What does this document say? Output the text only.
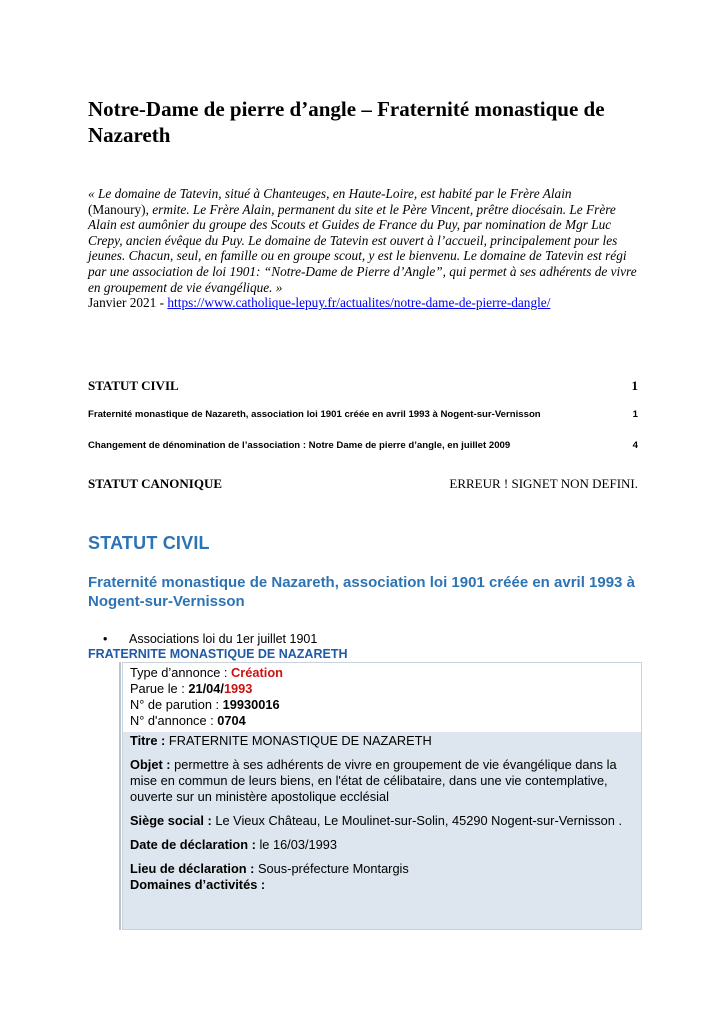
Notre-Dame de pierre d’angle – Fraternité monastique de Nazareth

« Le domaine de Tatevin, situé à Chanteuges, en Haute-Loire, est habité par le Frère Alain
(Manoury), ermite. Le Frère Alain, permanent du site et le Père Vincent, prêtre diocésain. Le Frère Alain est aumônier du groupe des Scouts et Guides de France du Puy, par nomination de Mgr Luc Crepy, ancien évêque du Puy. Le domaine de Tatevin est ouvert à l’accueil, principalement pour les jeunes. Chacun, seul, en famille ou en groupe scout, y est le bienvenu. Le domaine de Tatevin est régi par une association de loi 1901: “Notre-Dame de Pierre d’Angle”, qui permet à ses adhérents de vivre en groupement de vie évangélique. »
Janvier 2021 - https://www.catholique-lepuy.fr/actualites/notre-dame-de-pierre-dangle/

STATUT CIVIL	1
Fraternité monastique de Nazareth, association loi 1901 créée en avril 1993 à Nogent-sur-Vernisson	1
Changement de dénomination de l’association : Notre Dame de pierre d’angle, en juillet 2009	4
STATUT CANONIQUE	ERREUR ! SIGNET NON DEFINI.
STATUT CIVIL
Fraternité monastique de Nazareth, association loi 1901 créée en avril 1993 à Nogent-sur-Vernisson
• Associations loi du 1er juillet 1901
FRATERNITE MONASTIQUE DE NAZARETH
Type d’annonce : Création
Parue le : 21/04/1993
N° de parution : 19930016
N° d'annonce : 0704

Titre : FRATERNITE MONASTIQUE DE NAZARETH

Objet : permettre à ses adhérents de vivre en groupement de vie évangélique dans la mise en commun de leurs biens, en l'état de célibataire, dans une vie contemplative, ouverte sur un ministère apostolique ecclésial

Siège social : Le Vieux Château, Le Moulinet-sur-Solin, 45290 Nogent-sur-Vernisson .

Date de déclaration : le 16/03/1993

Lieu de déclaration : Sous-préfecture Montargis

Domaines d’activités :
